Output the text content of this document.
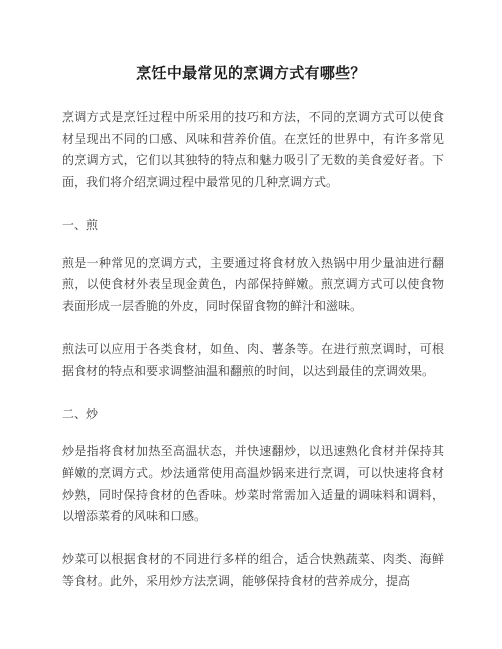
烹饪中最常见的烹调方式有哪些？

烹调方式是烹饪过程中所采用的技巧和方法，不同的烹调方式可以使食材呈现出不同的口感、风味和营养价值。在烹饪的世界中，有许多常见的烹调方式，它们以其独特的特点和魅力吸引了无数的美食爱好者。下面，我们将介绍烹调过程中最常见的几种烹调方式。

一、煎

煎是一种常见的烹调方式，主要通过将食材放入热锅中用少量油进行翻煎，以使食材外表呈现金黄色，内部保持鲜嫩。煎烹调方式可以使食物表面形成一层香脆的外皮，同时保留食物的鲜汁和滋味。

煎法可以应用于各类食材，如鱼、肉、薯条等。在进行煎烹调时，可根据食材的特点和要求调整油温和翻煎的时间，以达到最佳的烹调效果。

二、炒

炒是指将食材加热至高温状态，并快速翻炒，以迅速熟化食材并保持其鲜嫩的烹调方式。炒法通常使用高温炒锅来进行烹调，可以快速将食材炒熟，同时保持食材的色香味。炒菜时常需加入适量的调味料和调料，以增添菜肴的风味和口感。

炒菜可以根据食材的不同进行多样的组合，适合快熟蔬菜、肉类、海鲜等食材。此外，采用炒方法烹调，能够保持食材的营养成分，提高
